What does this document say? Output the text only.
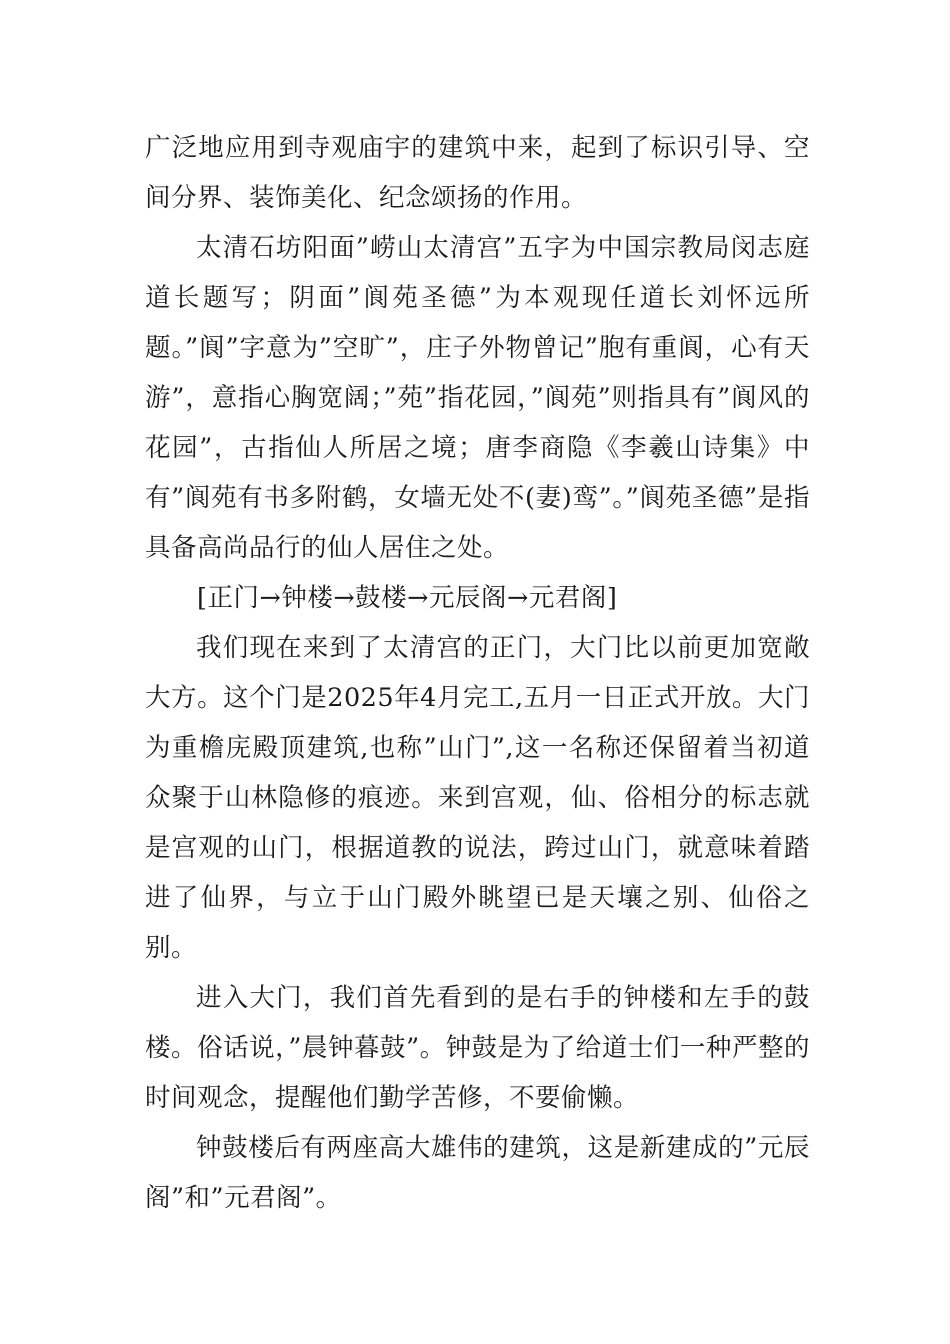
广泛地应用到寺观庙宇的建筑中来，起到了标识引导、空间分界、装饰美化、纪念颂扬的作用。

太清石坊阳面”崂山太清宫”五字为中国宗教局闵志庭道长题写；阴面”阆苑圣德”为本观现任道长刘怀远所题。”阆”字意为”空旷”，庄子外物曾记”胞有重阆，心有天游”，意指心胸宽阔；”苑”指花园，”阆苑”则指具有”阆风的花园”，古指仙人所居之境；唐李商隐《李羲山诗集》中有”阆苑有书多附鹤，女墙无处不(妻)鸾”。”阆苑圣德”是指具备高尚品行的仙人居住之处。

[正门→钟楼→鼓楼→元辰阁→元君阁]

我们现在来到了太清宫的正门，大门比以前更加宽敞大方。这个门是2025年4月完工,五月一日正式开放。大门为重檐庑殿顶建筑,也称”山门”,这一名称还保留着当初道众聚于山林隐修的痕迹。来到宫观，仙、俗相分的标志就是宫观的山门，根据道教的说法，跨过山门，就意味着踏进了仙界，与立于山门殿外眺望已是天壤之别、仙俗之别。

进入大门，我们首先看到的是右手的钟楼和左手的鼓楼。俗话说，”晨钟暮鼓”。钟鼓是为了给道士们一种严整的时间观念，提醒他们勤学苦修，不要偷懒。

钟鼓楼后有两座高大雄伟的建筑，这是新建成的”元辰阁”和”元君阁”。
